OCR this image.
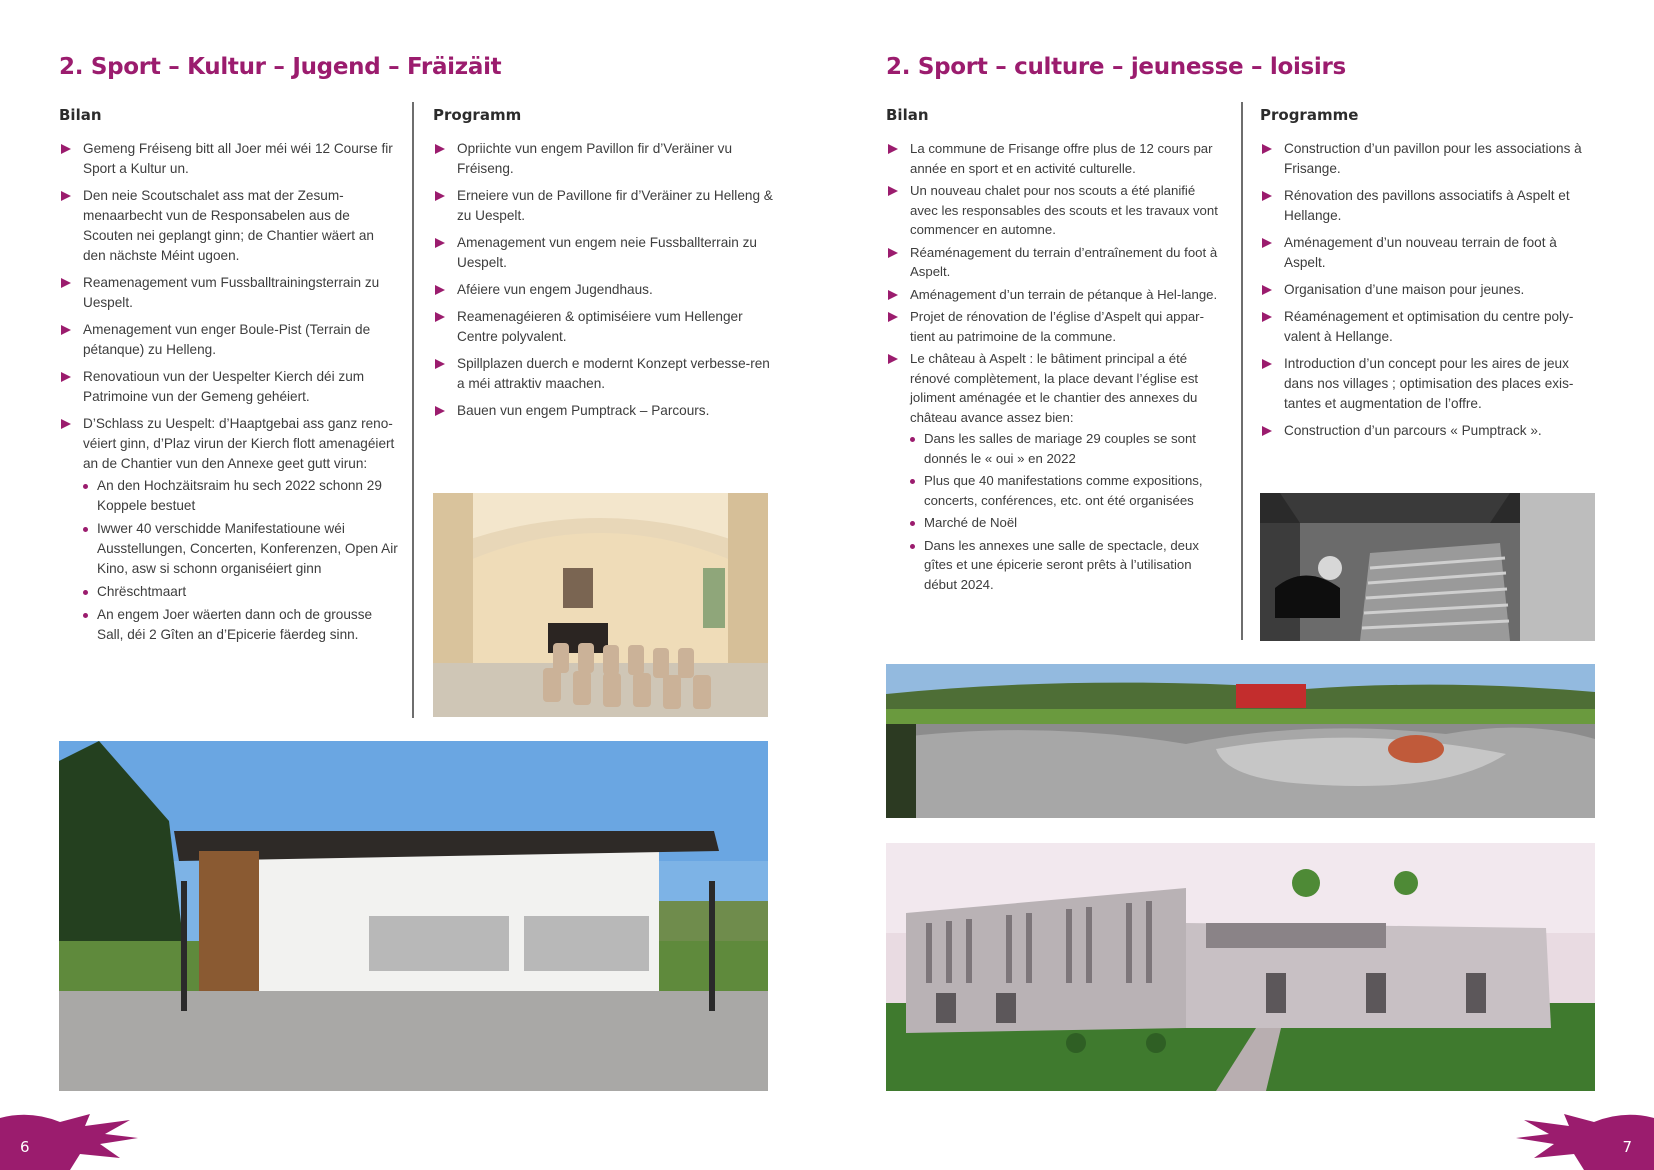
2. Sport – Kultur – Jugend – Fräizäit
Bilan	Programm
Gemeng Fréiseng bitt all Joer méi wéi 12 Course fir Sport a Kultur un.
Den neie Scoutschalet ass mat der Zesum-menaarbecht vun de Responsabelen aus de Scouten nei geplangt ginn; de Chantier wäert an den nächste Méint ugoen.
Reamenagement vum Fussballtrainingsterrain zu Uespelt.
Amenagement vun enger Boule-Pist (Terrain de pétanque) zu Helleng.
Renovatioun vun der Uespelter Kierch déi zum Patrimoine vun der Gemeng gehéiert.
D’Schlass zu Uespelt: d’Haaptgebai ass ganz reno-véiert ginn, d’Plaz virun der Kierch flott amenagéiert an de Chantier vun den Annexe geet gutt virun:
An den Hochzäitsraim hu sech 2022 schonn 29 Koppele bestuet
Iwwer 40 verschidde Manifestatioune wéi Ausstellungen, Concerten, Konferenzen, Open Air Kino, asw si schonn organiséiert ginn
Chrëschtmaart
An engem Joer wäerten dann och de grousse Sall, déi 2 Gîten an d’Epicerie fäerdeg sinn.
Opriichte vun engem Pavillon fir d’Veräiner vu Fréiseng.
Erneiere vun de Pavillone fir d’Veräiner zu Helleng & zu Uespelt.
Amenagement vun engem neie Fussballterrain zu Uespelt.
Aféiere vun engem Jugendhaus.
Reamenagéieren & optimiséiere vum Hellenger Centre polyvalent.
Spillplazen duerch e modernt Konzept verbesse-ren a méi attraktiv maachen.
Bauen vun engem Pumptrack – Parcours.
6
2. Sport – culture – jeunesse – loisirs
Bilan	Programme
La commune de Frisange offre plus de 12 cours par année en sport et en activité culturelle.
Un nouveau chalet pour nos scouts a été planifié avec les responsables des scouts et les travaux vont commencer en automne.
Réaménagement du terrain d’entraînement du foot à Aspelt.
Aménagement d’un terrain de pétanque à Hel-lange.
Projet de rénovation de l’église d’Aspelt qui appar-tient au patrimoine de la commune.
Le château à Aspelt : le bâtiment principal a été rénové complètement, la place devant l’église est joliment aménagée et le chantier des annexes du château avance assez bien:
Dans les salles de mariage 29 couples se sont donnés le « oui » en 2022
Plus que 40 manifestations comme expositions, concerts, conférences, etc. ont été organisées
Marché de Noël
Dans les annexes une salle de spectacle, deux gîtes et une épicerie seront prêts à l’utilisation début 2024.
Construction d’un pavillon pour les associations à Frisange.
Rénovation des pavillons associatifs à Aspelt et Hellange.
Aménagement d’un nouveau terrain de foot à Aspelt.
Organisation d’une maison pour jeunes.
Réaménagement et optimisation du centre poly-valent à Hellange.
Introduction d’un concept pour les aires de jeux dans nos villages ; optimisation des places exis-tantes et augmentation de l’offre.
Construction d’un parcours « Pumptrack ».
7
